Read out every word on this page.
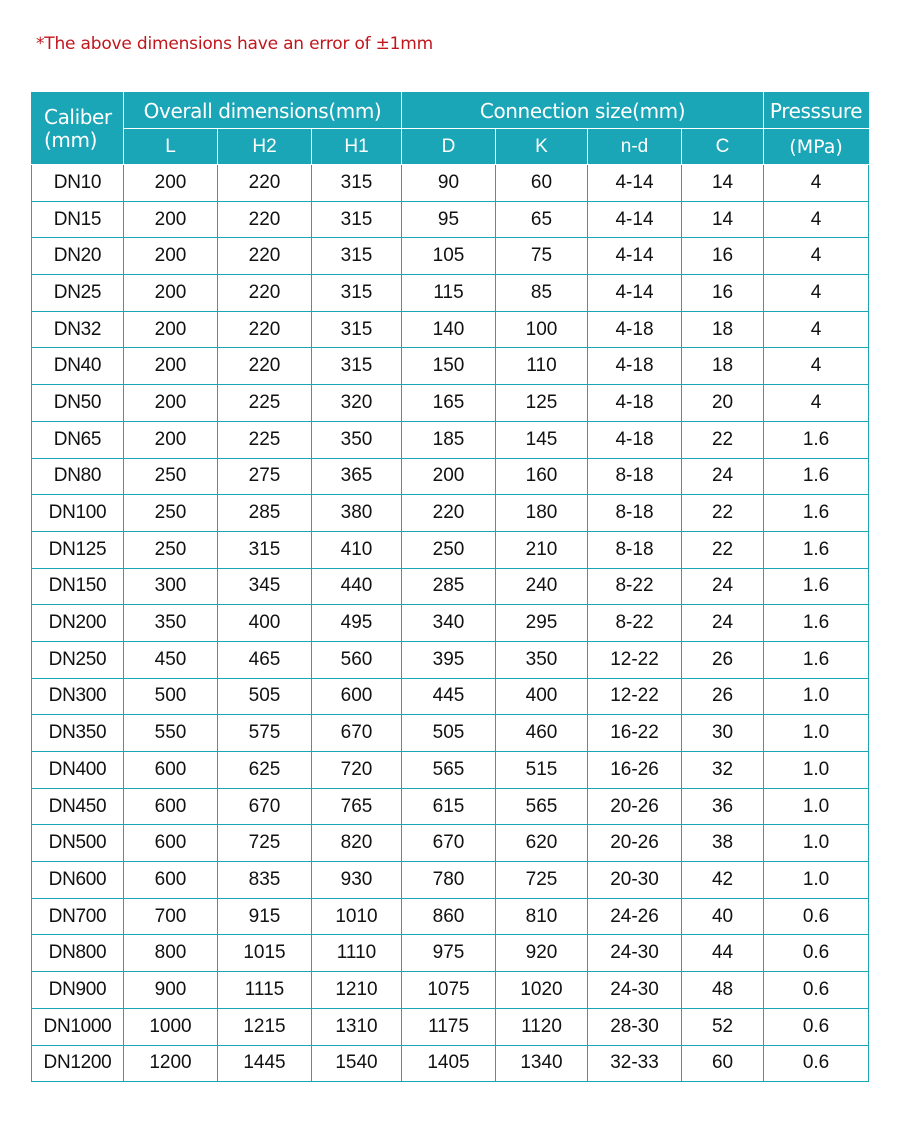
*The above dimensions have an error of ±1mm
Caliber
(mm)	Overall dimensions(mm)			Connection size(mm)				Presssure
	L	H2	H1	D	K	n-d	C	(MPa)
DN10	200	220	315	90	60	4-14	14	4
DN15	200	220	315	95	65	4-14	14	4
DN20	200	220	315	105	75	4-14	16	4
DN25	200	220	315	115	85	4-14	16	4
DN32	200	220	315	140	100	4-18	18	4
DN40	200	220	315	150	110	4-18	18	4
DN50	200	225	320	165	125	4-18	20	4
DN65	200	225	350	185	145	4-18	22	1.6
DN80	250	275	365	200	160	8-18	24	1.6
DN100	250	285	380	220	180	8-18	22	1.6
DN125	250	315	410	250	210	8-18	22	1.6
DN150	300	345	440	285	240	8-22	24	1.6
DN200	350	400	495	340	295	8-22	24	1.6
DN250	450	465	560	395	350	12-22	26	1.6
DN300	500	505	600	445	400	12-22	26	1.0
DN350	550	575	670	505	460	16-22	30	1.0
DN400	600	625	720	565	515	16-26	32	1.0
DN450	600	670	765	615	565	20-26	36	1.0
DN500	600	725	820	670	620	20-26	38	1.0
DN600	600	835	930	780	725	20-30	42	1.0
DN700	700	915	1010	860	810	24-26	40	0.6
DN800	800	1015	1110	975	920	24-30	44	0.6
DN900	900	1115	1210	1075	1020	24-30	48	0.6
DN1000	1000	1215	1310	1175	1120	28-30	52	0.6
DN1200	1200	1445	1540	1405	1340	32-33	60	0.6
